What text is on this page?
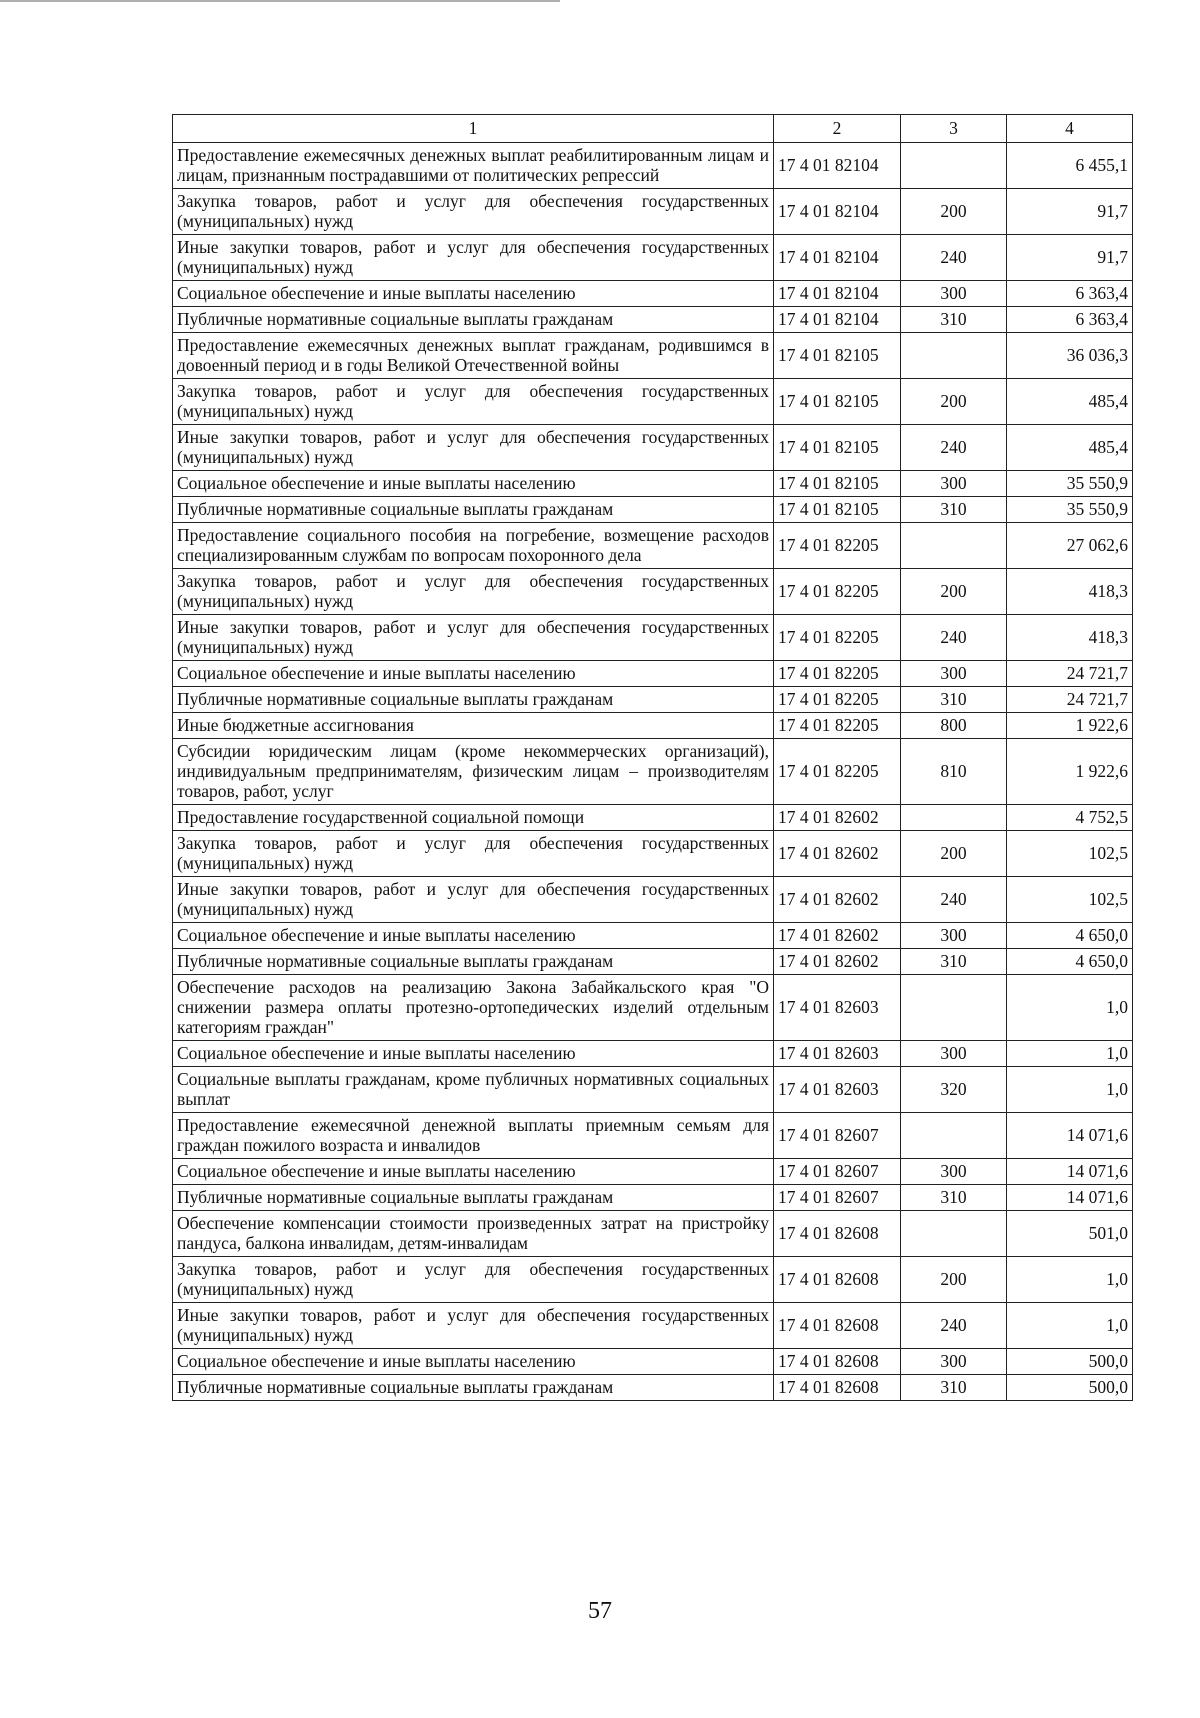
1	2	3	4
Предоставление ежемесячных денежных выплат реабилитированным лицам и лицам, признанным пострадавшими от политических репрессий	17 4 01 82104		6 455,1
Закупка товаров, работ и услуг для обеспечения государственных (муниципальных) нужд	17 4 01 82104	200	91,7
Иные закупки товаров, работ и услуг для обеспечения государственных (муниципальных) нужд	17 4 01 82104	240	91,7
Социальное обеспечение и иные выплаты населению	17 4 01 82104	300	6 363,4
Публичные нормативные социальные выплаты гражданам	17 4 01 82104	310	6 363,4
Предоставление ежемесячных денежных выплат гражданам, родившимся в довоенный период и в годы Великой Отечественной войны	17 4 01 82105		36 036,3
Закупка товаров, работ и услуг для обеспечения государственных (муниципальных) нужд	17 4 01 82105	200	485,4
Иные закупки товаров, работ и услуг для обеспечения государственных (муниципальных) нужд	17 4 01 82105	240	485,4
Социальное обеспечение и иные выплаты населению	17 4 01 82105	300	35 550,9
Публичные нормативные социальные выплаты гражданам	17 4 01 82105	310	35 550,9
Предоставление социального пособия на погребение, возмещение расходов специализированным службам по вопросам похоронного дела	17 4 01 82205		27 062,6
Закупка товаров, работ и услуг для обеспечения государственных (муниципальных) нужд	17 4 01 82205	200	418,3
Иные закупки товаров, работ и услуг для обеспечения государственных (муниципальных) нужд	17 4 01 82205	240	418,3
Социальное обеспечение и иные выплаты населению	17 4 01 82205	300	24 721,7
Публичные нормативные социальные выплаты гражданам	17 4 01 82205	310	24 721,7
Иные бюджетные ассигнования	17 4 01 82205	800	1 922,6
Субсидии юридическим лицам (кроме некоммерческих организаций), индивидуальным предпринимателям, физическим лицам – производителям товаров, работ, услуг	17 4 01 82205	810	1 922,6
Предоставление государственной социальной помощи	17 4 01 82602		4 752,5
Закупка товаров, работ и услуг для обеспечения государственных (муниципальных) нужд	17 4 01 82602	200	102,5
Иные закупки товаров, работ и услуг для обеспечения государственных (муниципальных) нужд	17 4 01 82602	240	102,5
Социальное обеспечение и иные выплаты населению	17 4 01 82602	300	4 650,0
Публичные нормативные социальные выплаты гражданам	17 4 01 82602	310	4 650,0
Обеспечение расходов на реализацию Закона Забайкальского края "О снижении размера оплаты протезно-ортопедических изделий отдельным категориям граждан"	17 4 01 82603		1,0
Социальное обеспечение и иные выплаты населению	17 4 01 82603	300	1,0
Социальные выплаты гражданам, кроме публичных нормативных социальных выплат	17 4 01 82603	320	1,0
Предоставление ежемесячной денежной выплаты приемным семьям для граждан пожилого возраста и инвалидов	17 4 01 82607		14 071,6
Социальное обеспечение и иные выплаты населению	17 4 01 82607	300	14 071,6
Публичные нормативные социальные выплаты гражданам	17 4 01 82607	310	14 071,6
Обеспечение компенсации стоимости произведенных затрат на пристройку пандуса, балкона инвалидам, детям-инвалидам	17 4 01 82608		501,0
Закупка товаров, работ и услуг для обеспечения государственных (муниципальных) нужд	17 4 01 82608	200	1,0
Иные закупки товаров, работ и услуг для обеспечения государственных (муниципальных) нужд	17 4 01 82608	240	1,0
Социальное обеспечение и иные выплаты населению	17 4 01 82608	300	500,0
Публичные нормативные социальные выплаты гражданам	17 4 01 82608	310	500,0
57
